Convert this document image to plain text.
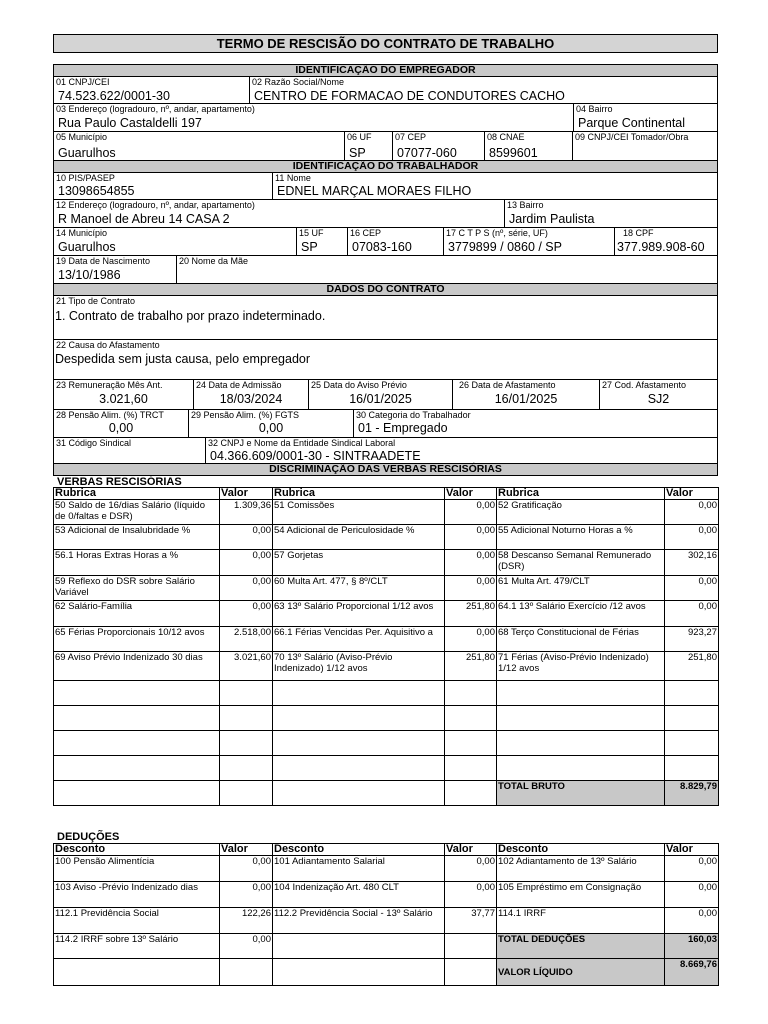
TERMO DE RESCISÃO DO CONTRATO DE TRABALHO
IDENTIFICAÇÃO DO EMPREGADOR
01 CNPJ/CEI
74.523.622/0001-30
02 Razão Social/Nome
CENTRO DE FORMACAO DE CONDUTORES CACHO
03 Endereço (logradouro, nº, andar, apartamento)
Rua Paulo Castaldelli 197
04 Bairro
Parque Continental
05 Município
Guarulhos
06 UF
SP
07 CEP
07077-060
08 CNAE
8599601
09 CNPJ/CEI Tomador/Obra
IDENTIFICAÇÃO DO TRABALHADOR
10 PIS/PASEP
13098654855
11 Nome
EDNEL MARÇAL MORAES FILHO
12 Endereço (logradouro, nº, andar, apartamento)
R Manoel de Abreu 14 CASA 2
13 Bairro
Jardim Paulista
14 Município
Guarulhos
15 UF
SP
16 CEP
07083-160
17 C T P S (nº, série, UF)
3779899 / 0860 / SP
18 CPF
377.989.908-60
19 Data de Nascimento
13/10/1986
20 Nome da Mãe
DADOS DO CONTRATO
21 Tipo de Contrato
1. Contrato de trabalho por prazo indeterminado.
22 Causa do Afastamento
Despedida sem justa causa, pelo empregador
23 Remuneração Mês Ant.
3.021,60
24 Data de Admissão
18/03/2024
25 Data do Aviso Prévio
16/01/2025
26 Data de Afastamento
16/01/2025
27 Cod. Afastamento
SJ2
28 Pensão Alim. (%) TRCT
0,00
29 Pensão Alim. (%) FGTS
0,00
30 Categoria do Trabalhador
01 - Empregado
31 Código Sindical	32 CNPJ e Nome da Entidade Sindical Laboral
04.366.609/0001-30 - SINTRAADETE
DISCRIMINAÇÃO DAS VERBAS RESCISÓRIAS
VERBAS RESCISÓRIAS
Rubrica	Valor	Rubrica	Valor	Rubrica	Valor
50 Saldo de 16/dias Salário (líquido de 0/faltas e DSR)	1.309,36	51 Comissões	0,00	52 Gratificação	0,00
53 Adicional de Insalubridade %	0,00	54 Adicional de Periculosidade %	0,00	55 Adicional Noturno Horas a %	0,00
56.1 Horas Extras Horas a %	0,00	57 Gorjetas	0,00	58 Descanso Semanal Remunerado (DSR)	302,16
59 Reflexo do DSR sobre Salário Variável	0,00	60 Multa Art. 477, § 8º/CLT	0,00	61 Multa Art. 479/CLT	0,00
62 Salário-Família	0,00	63 13º Salário Proporcional 1/12 avos	251,80	64.1 13º Salário Exercício /12 avos	0,00
65 Férias Proporcionais 10/12 avos	2.518,00	66.1 Férias Vencidas Per. Aquisitivo a	0,00	68 Terço Constitucional de Férias	923,27
69 Aviso Prévio Indenizado 30 dias	3.021,60	70 13º Salário (Aviso-Prévio Indenizado) 1/12 avos	251,80	71 Férias (Aviso-Prévio Indenizado) 1/12 avos	251,80

				TOTAL BRUTO	8.829,79
DEDUÇÕES
Desconto	Valor	Desconto	Valor	Desconto	Valor
100 Pensão Alimentícia	0,00	101 Adiantamento Salarial	0,00	102 Adiantamento de 13º Salário	0,00
103 Aviso -Prévio Indenizado dias	0,00	104 Indenização Art. 480 CLT	0,00	105 Empréstimo em Consignação	0,00
112.1 Previdência Social	122,26	112.2 Previdência Social - 13º Salário	37,77	114.1 IRRF	0,00
114.2 IRRF sobre 13º Salário	0,00			TOTAL DEDUÇÕES	160,03
				VALOR LÍQUIDO	8.669,76
